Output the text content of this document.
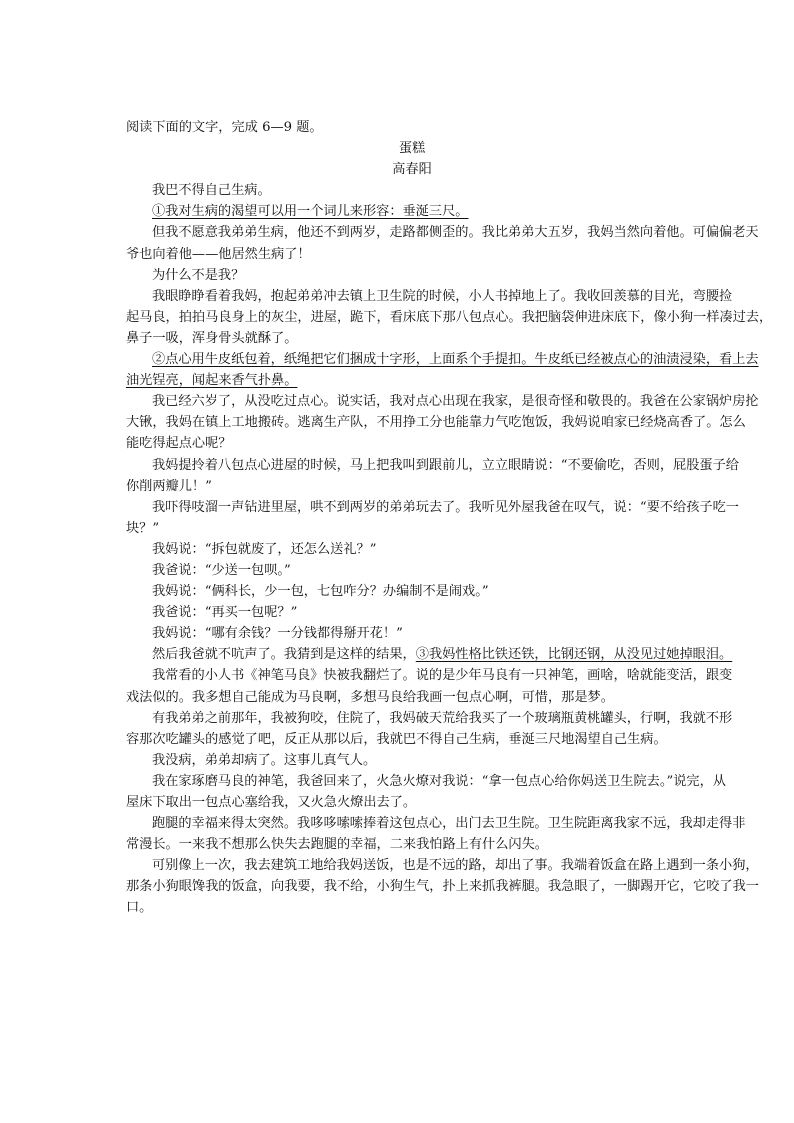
阅读下面的文字，完成 6—9 题。
蛋糕
高春阳
我巴不得自己生病。
①我对生病的渴望可以用一个词儿来形容：垂涎三尺。
但我不愿意我弟弟生病，他还不到两岁，走路都侧歪的。我比弟弟大五岁，我妈当然向着他。可偏偏老天
爷也向着他——他居然生病了！
为什么不是我？
我眼睁睁看着我妈，抱起弟弟冲去镇上卫生院的时候，小人书掉地上了。我收回羡慕的目光，弯腰捡
起马良，拍拍马良身上的灰尘，进屋，跪下，看床底下那八包点心。我把脑袋伸进床底下，像小狗一样凑过去，
鼻子一吸，浑身骨头就酥了。
②点心用牛皮纸包着，纸绳把它们捆成十字形，上面系个手提扣。牛皮纸已经被点心的油渍浸染，看上去
油光锃亮，闻起来香气扑鼻。
我已经六岁了，从没吃过点心。说实话，我对点心出现在我家，是很奇怪和敬畏的。我爸在公家锅炉房抡
大锹，我妈在镇上工地搬砖。逃离生产队，不用挣工分也能靠力气吃饱饭，我妈说咱家已经烧高香了。怎么
能吃得起点心呢？
我妈提拎着八包点心进屋的时候，马上把我叫到跟前儿，立立眼睛说：“不要偷吃，否则，屁股蛋子给
你削两瓣儿！”
我吓得吱溜一声钻进里屋，哄不到两岁的弟弟玩去了。我听见外屋我爸在叹气，说：“要不给孩子吃一
块？”
我妈说：“拆包就废了，还怎么送礼？”
我爸说：“少送一包呗。”
我妈说：“俩科长，少一包，七包咋分？办编制不是闹戏。”
我爸说：“再买一包呢？”
我妈说：“哪有余钱？一分钱都得掰开花！”
然后我爸就不吭声了。我猜到是这样的结果，③我妈性格比铁还铁，比钢还钢，从没见过她掉眼泪。
我常看的小人书《神笔马良》快被我翻烂了。说的是少年马良有一只神笔，画啥，啥就能变活，跟变
戏法似的。我多想自己能成为马良啊，多想马良给我画一包点心啊，可惜，那是梦。
有我弟弟之前那年，我被狗咬，住院了，我妈破天荒给我买了一个玻璃瓶黄桃罐头，行啊，我就不形
容那次吃罐头的感觉了吧，反正从那以后，我就巴不得自己生病，垂涎三尺地渴望自己生病。
我没病，弟弟却病了。这事儿真气人。
我在家琢磨马良的神笔，我爸回来了，火急火燎对我说：“拿一包点心给你妈送卫生院去。”说完，从
屋床下取出一包点心塞给我，又火急火燎出去了。
跑腿的幸福来得太突然。我哆哆嗦嗦捧着这包点心，出门去卫生院。卫生院距离我家不远，我却走得非
常漫长。一来我不想那么快失去跑腿的幸福，二来我怕路上有什么闪失。
可别像上一次，我去建筑工地给我妈送饭，也是不远的路，却出了事。我端着饭盒在路上遇到一条小狗，
那条小狗眼馋我的饭盒，向我要，我不给，小狗生气，扑上来抓我裤腿。我急眼了，一脚踢开它，它咬了我一
口。
